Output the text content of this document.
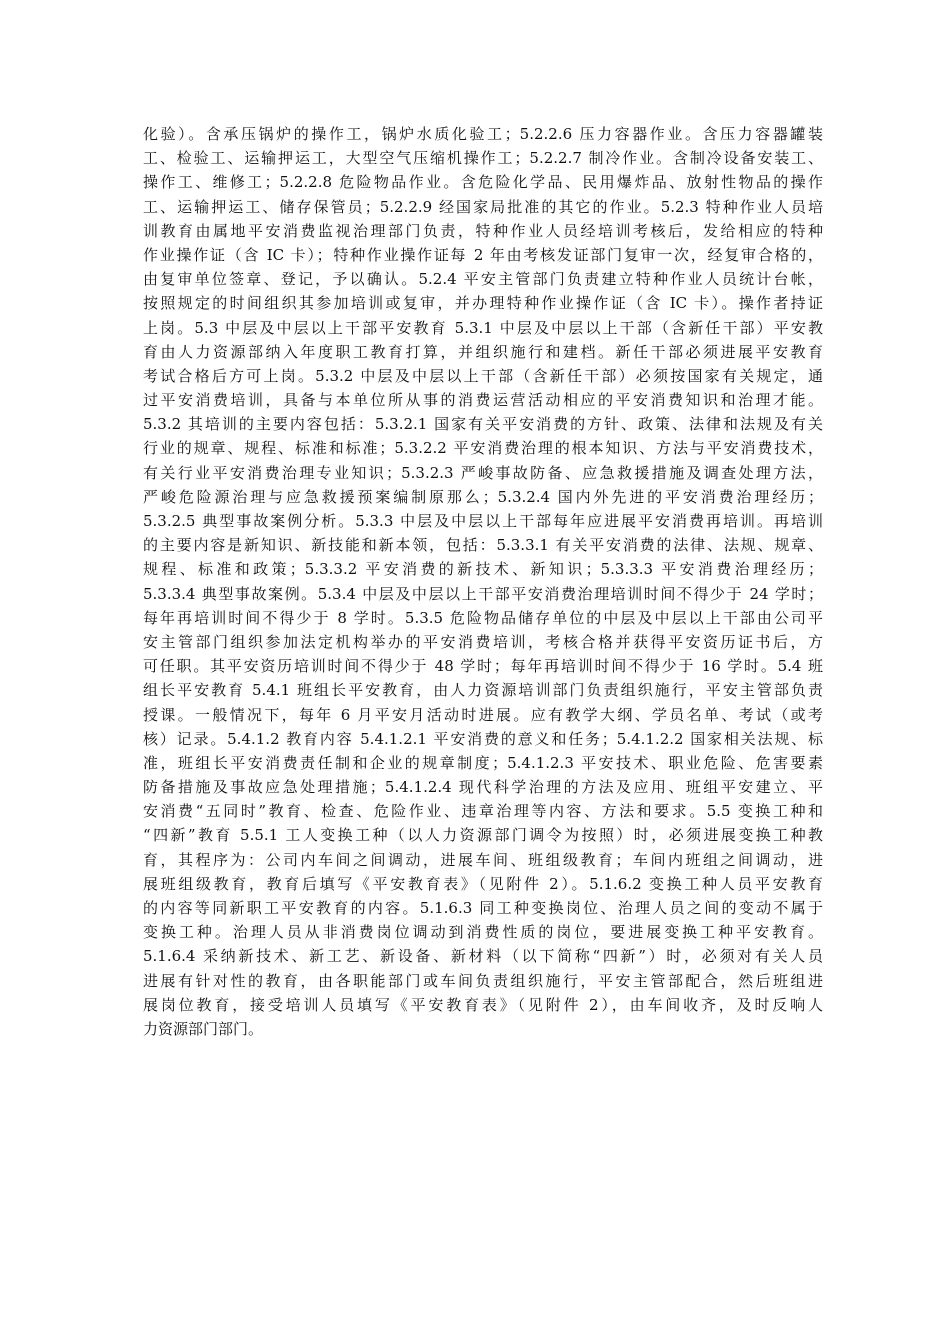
化验）。含承压锅炉的操作工，锅炉水质化验工；5.2.2.6 压力容器作业。含压力容器罐装
工、检验工、运输押运工，大型空气压缩机操作工；5.2.2.7 制冷作业。含制冷设备安装工、
操作工、维修工；5.2.2.8 危险物品作业。含危险化学品、民用爆炸品、放射性物品的操作
工、运输押运工、储存保管员；5.2.2.9 经国家局批准的其它的作业。5.2.3 特种作业人员培
训教育由属地平安消费监视治理部门负责，特种作业人员经培训考核后，发给相应的特种
作业操作证（含 IC 卡）；特种作业操作证每 2 年由考核发证部门复审一次，经复审合格的，
由复审单位签章、登记，予以确认。5.2.4 平安主管部门负责建立特种作业人员统计台帐，
按照规定的时间组织其参加培训或复审，并办理特种作业操作证（含 IC 卡）。操作者持证
上岗。5.3 中层及中层以上干部平安教育 5.3.1 中层及中层以上干部（含新任干部）平安教
育由人力资源部纳入年度职工教育打算，并组织施行和建档。新任干部必须进展平安教育
考试合格后方可上岗。5.3.2 中层及中层以上干部（含新任干部）必须按国家有关规定，通
过平安消费培训，具备与本单位所从事的消费运营活动相应的平安消费知识和治理才能。
5.3.2 其培训的主要内容包括：5.3.2.1 国家有关平安消费的方针、政策、法律和法规及有关
行业的规章、规程、标准和标准；5.3.2.2 平安消费治理的根本知识、方法与平安消费技术，
有关行业平安消费治理专业知识；5.3.2.3 严峻事故防备、应急救援措施及调查处理方法，
严峻危险源治理与应急救援预案编制原那么；5.3.2.4 国内外先进的平安消费治理经历；
5.3.2.5 典型事故案例分析。5.3.3 中层及中层以上干部每年应进展平安消费再培训。再培训
的主要内容是新知识、新技能和新本领，包括：5.3.3.1 有关平安消费的法律、法规、规章、
规程、标准和政策；5.3.3.2 平安消费的新技术、新知识；5.3.3.3 平安消费治理经历；
5.3.3.4 典型事故案例。5.3.4 中层及中层以上干部平安消费治理培训时间不得少于 24 学时；
每年再培训时间不得少于 8 学时。5.3.5 危险物品储存单位的中层及中层以上干部由公司平
安主管部门组织参加法定机构举办的平安消费培训，考核合格并获得平安资历证书后，方
可任职。其平安资历培训时间不得少于 48 学时；每年再培训时间不得少于 16 学时。5.4 班
组长平安教育 5.4.1 班组长平安教育，由人力资源培训部门负责组织施行，平安主管部负责
授课。一般情况下，每年 6 月平安月活动时进展。应有教学大纲、学员名单、考试（或考
核）记录。5.4.1.2 教育内容 5.4.1.2.1 平安消费的意义和任务；5.4.1.2.2 国家相关法规、标
准，班组长平安消费责任制和企业的规章制度；5.4.1.2.3 平安技术、职业危险、危害要素
防备措施及事故应急处理措施；5.4.1.2.4 现代科学治理的方法及应用、班组平安建立、平
安消费“五同时”教育、检查、危险作业、违章治理等内容、方法和要求。5.5 变换工种和
“四新”教育 5.5.1 工人变换工种（以人力资源部门调令为按照）时，必须进展变换工种教
育，其程序为：公司内车间之间调动，进展车间、班组级教育；车间内班组之间调动，进
展班组级教育，教育后填写《平安教育表》（见附件 2）。5.1.6.2 变换工种人员平安教育
的内容等同新职工平安教育的内容。5.1.6.3 同工种变换岗位、治理人员之间的变动不属于
变换工种。治理人员从非消费岗位调动到消费性质的岗位，要进展变换工种平安教育。
5.1.6.4 采纳新技术、新工艺、新设备、新材料（以下简称“四新”）时，必须对有关人员
进展有针对性的教育，由各职能部门或车间负责组织施行，平安主管部配合，然后班组进
展岗位教育，接受培训人员填写《平安教育表》（见附件 2），由车间收齐，及时反响人
力资源部门部门。
